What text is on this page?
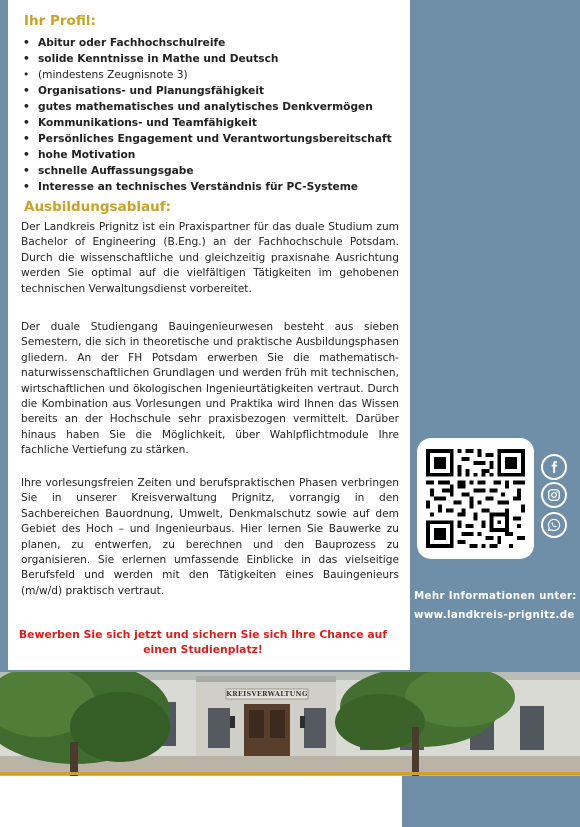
Ihr Profil:
• Abitur oder Fachhochschulreife
• solide Kenntnisse in Mathe und Deutsch
• (mindestens Zeugnisnote 3)
• Organisations- und Planungsfähigkeit
• gutes mathematisches und analytisches Denkvermögen
• Kommunikations- und Teamfähigkeit
• Persönliches Engagement und Verantwortungsbereitschaft
• hohe Motivation
• schnelle Auffassungsgabe
• Interesse an technisches Verständnis für PC-Systeme
Ausbildungsablauf:

Der Landkreis Prignitz ist ein Praxispartner für das duale Studium zum Bachelor of Engineering (B.Eng.) an der Fachhochschule Potsdam. Durch die wissenschaftliche und gleichzeitig praxisnahe Ausrichtung werden Sie optimal auf die vielfältigen Tätigkeiten im gehobenen technischen Verwaltungsdienst vorbereitet.

Der duale Studiengang Bauingenieurwesen besteht aus sieben Semestern, die sich in theoretische und praktische Ausbildungsphasen gliedern. An der FH Potsdam erwerben Sie die mathematisch-naturwissenschaftlichen Grundlagen und werden früh mit technischen, wirtschaftlichen und ökologischen Ingenieurtätigkeiten vertraut. Durch die Kombination aus Vorlesungen und Praktika wird Ihnen das Wissen bereits an der Hochschule sehr praxisbezogen vermittelt. Darüber hinaus haben Sie die Möglichkeit, über Wahlpflichtmodule Ihre fachliche Vertiefung zu stärken.

Ihre vorlesungsfreien Zeiten und berufspraktischen Phasen verbringen Sie in unserer Kreisverwaltung Prignitz, vorrangig in den Sachbereichen Bauordnung, Umwelt, Denkmalschutz sowie auf dem Gebiet des Hoch – und Ingenieurbaus. Hier lernen Sie Bauwerke zu planen, zu entwerfen, zu berechnen und den Bauprozess zu organisieren. Sie erlernen umfassende Einblicke in das vielseitige Berufsfeld und werden mit den Tätigkeiten eines Bauingenieurs (m/w/d) praktisch vertraut.

Bewerben Sie sich jetzt und sichern Sie sich Ihre Chance auf
einen Studienplatz!

Mehr Informationen unter:
www.landkreis-prignitz.de
KREISVERWALTUNG
